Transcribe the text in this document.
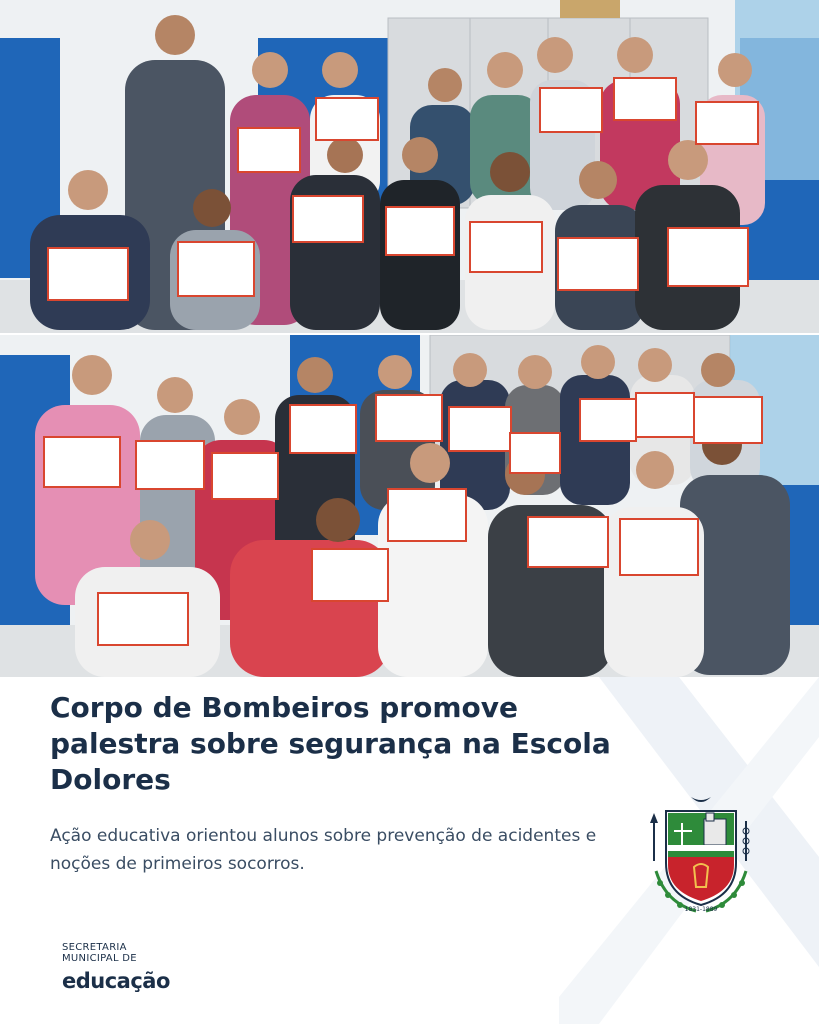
Corpo de Bombeiros promove palestra sobre segurança na Escola Dolores

Ação educativa orientou alunos sobre prevenção de acidentes e noções de primeiros socorros.

SECRETARIA
MUNICIPAL DE
educação
1831-1889
